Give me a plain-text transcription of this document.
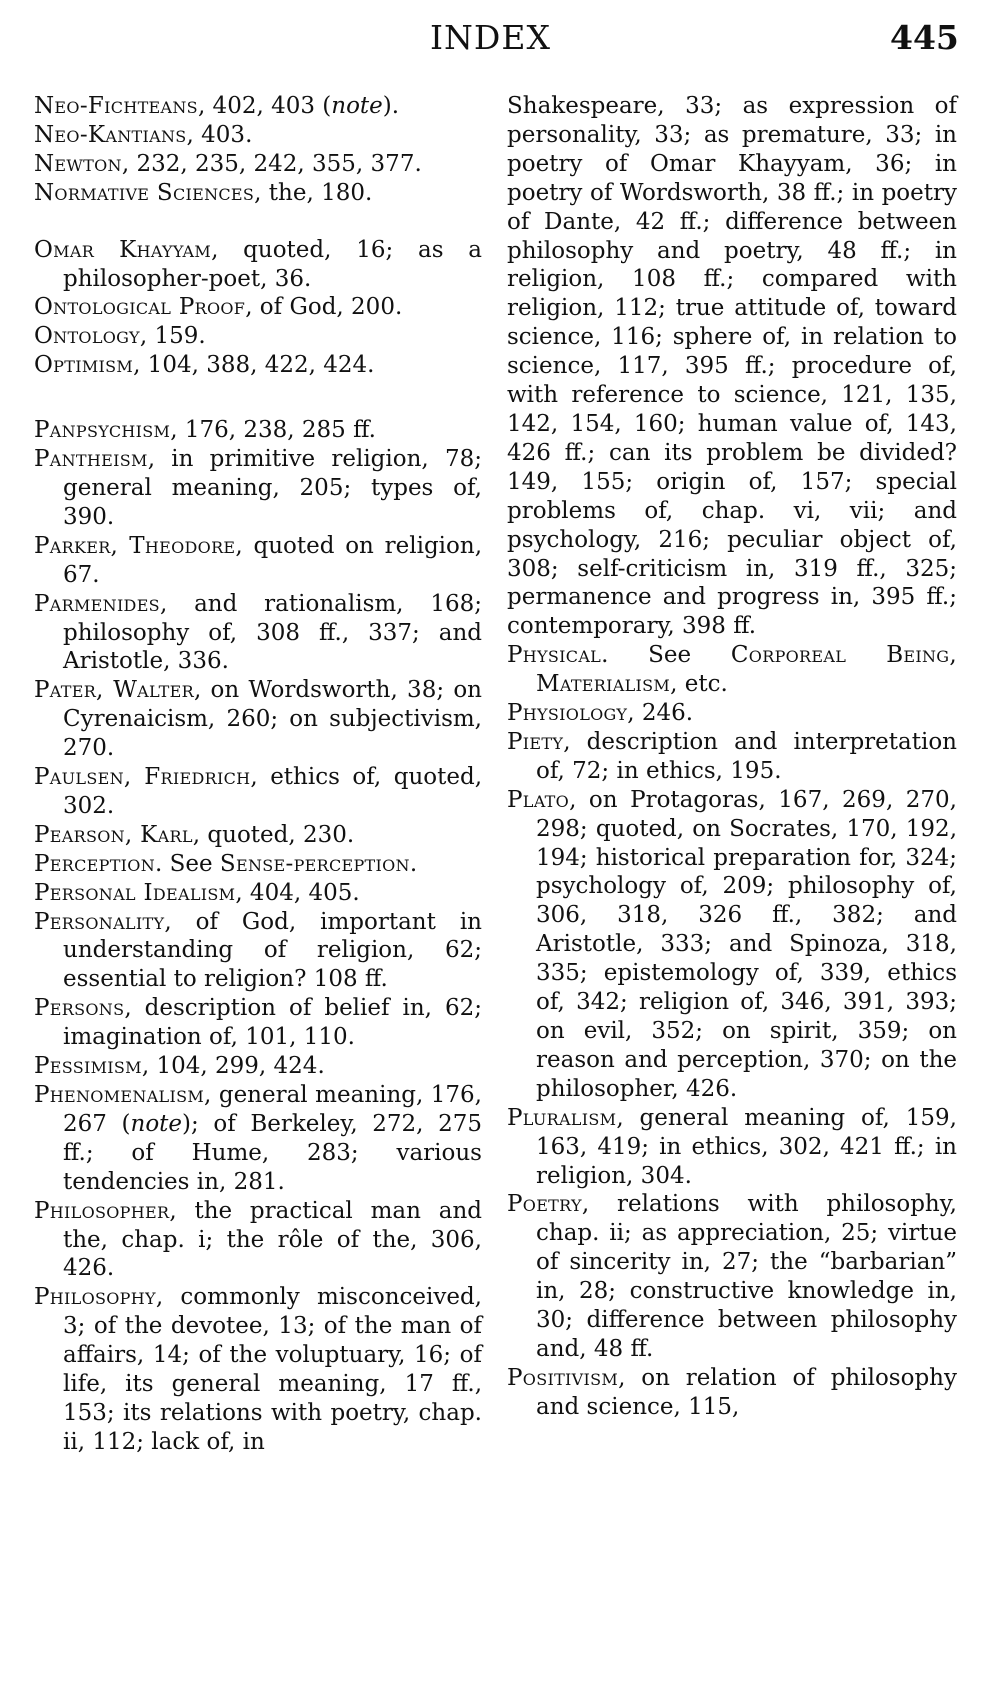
INDEX	445

Neo-Fichteans, 402, 403 (note).

Neo-Kantians, 403.

Newton, 232, 235, 242, 355, 377.

Normative Sciences, the, 180.

Omar Khayyam, quoted, 16; as a philosopher-poet, 36.

Ontological Proof, of God, 200.

Ontology, 159.

Optimism, 104, 388, 422, 424.

Panpsychism, 176, 238, 285 ff.

Pantheism, in primitive religion, 78; general meaning, 205; types of, 390.

Parker, Theodore, quoted on religion, 67.

Parmenides, and rationalism, 168; philosophy of, 308 ff., 337; and Aristotle, 336.

Pater, Walter, on Wordsworth, 38; on Cyrenaicism, 260; on subjectivism, 270.

Paulsen, Friedrich, ethics of, quoted, 302.

Pearson, Karl, quoted, 230.

Perception. See Sense-perception.

Personal Idealism, 404, 405.

Personality, of God, important in understanding of religion, 62; essential to religion? 108 ff.

Persons, description of belief in, 62; imagination of, 101, 110.

Pessimism, 104, 299, 424.

Phenomenalism, general meaning, 176, 267 (note); of Berkeley, 272, 275 ff.; of Hume, 283; various tendencies in, 281.

Philosopher, the practical man and the, chap. i; the rôle of the, 306, 426.

Philosophy, commonly misconceived, 3; of the devotee, 13; of the man of affairs, 14; of the voluptuary, 16; of life, its general meaning, 17 ff., 153; its relations with poetry, chap. ii, 112; lack of, in

Shakespeare, 33; as expression of personality, 33; as premature, 33; in poetry of Omar Khayyam, 36; in poetry of Wordsworth, 38 ff.; in poetry of Dante, 42 ff.; difference between philosophy and poetry, 48 ff.; in religion, 108 ff.; compared with religion, 112; true attitude of, toward science, 116; sphere of, in relation to science, 117, 395 ff.; procedure of, with reference to science, 121, 135, 142, 154, 160; human value of, 143, 426 ff.; can its problem be divided? 149, 155; origin of, 157; special problems of, chap. vi, vii; and psychology, 216; peculiar object of, 308; self-criticism in, 319 ff., 325; permanence and progress in, 395 ff.; contemporary, 398 ff.

Physical. See Corporeal Being, Materialism, etc.

Physiology, 246.

Piety, description and interpretation of, 72; in ethics, 195.

Plato, on Protagoras, 167, 269, 270, 298; quoted, on Socrates, 170, 192, 194; historical preparation for, 324; psychology of, 209; philosophy of, 306, 318, 326 ff., 382; and Aristotle, 333; and Spinoza, 318, 335; epistemology of, 339, ethics of, 342; religion of, 346, 391, 393; on evil, 352; on spirit, 359; on reason and perception, 370; on the philosopher, 426.

Pluralism, general meaning of, 159, 163, 419; in ethics, 302, 421 ff.; in religion, 304.

Poetry, relations with philosophy, chap. ii; as appreciation, 25; virtue of sincerity in, 27; the “barbarian” in, 28; constructive knowledge in, 30; difference between philosophy and, 48 ff.

Positivism, on relation of philosophy and science, 115,
